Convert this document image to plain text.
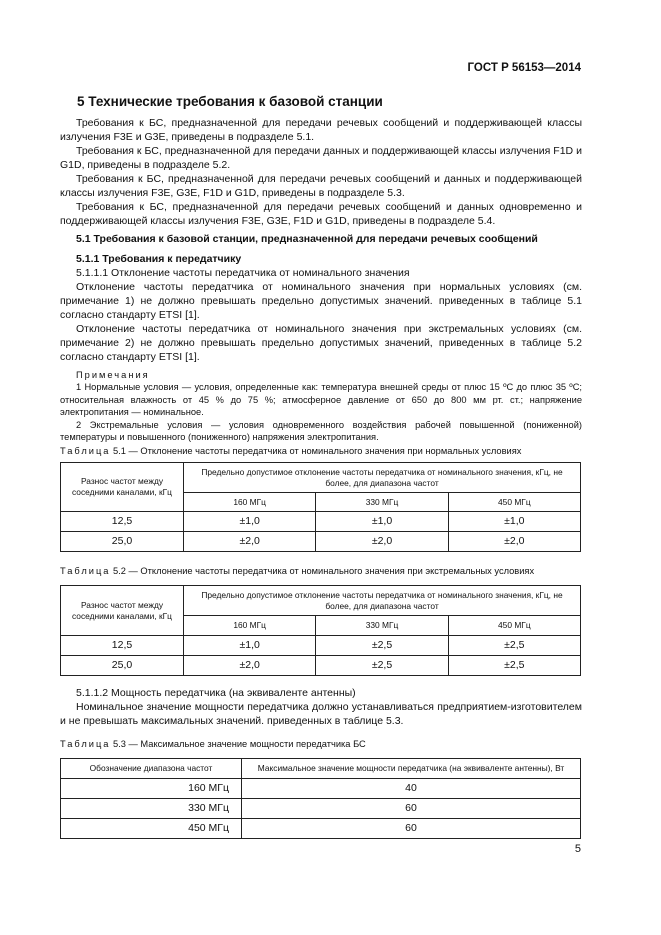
ГОСТ Р 56153—2014
5 Технические требования к базовой станции

Требования к БС, предназначенной для передачи речевых сообщений и поддерживающей классы излучения F3E и G3E, приведены в подразделе 5.1.

Требования к БС, предназначенной для передачи данных и поддерживающей классы излучения F1D и G1D, приведены в подразделе 5.2.

Требования к БС, предназначенной для передачи речевых сообщений и данных и поддерживающей классы излучения F3E, G3E, F1D и G1D, приведены в подразделе 5.3.

Требования к БС, предназначенной для передачи речевых сообщений и данных одновременно и поддерживающей классы излучения F3E, G3E, F1D и G1D, приведены в подразделе 5.4.

5.1 Требования к базовой станции, предназначенной для передачи речевых сообщений

5.1.1 Требования к передатчику

5.1.1.1 Отклонение частоты передатчика от номинального значения

Отклонение частоты передатчика от номинального значения при нормальных условиях (см. примечание 1) не должно превышать предельно допустимых значений. приведенных в таблице 5.1 согласно стандарту ETSI [1].

Отклонение частоты передатчика от номинального значения при экстремальных условиях (см. примечание 2) не должно превышать предельно допустимых значений, приведенных в таблице 5.2 согласно стандарту ETSI [1].

Примечания

1 Нормальные условия — условия, определенные как: температура внешней среды от плюс 15 ºС до плюс 35 ºС; относительная влажность от 45 % до 75 %; атмосферное давление от 650 до 800 мм рт. ст.; напряжение электропитания — номинальное.

2 Экстремальные условия — условия одновременного воздействия рабочей повышенной (пониженной) температуры и повышенного (пониженного) напряжения электропитания.

Таблица 5.1 — Отклонение частоты передатчика от номинального значения при нормальных условиях
Разнос частот между соседними каналами, кГц	Предельно допустимое отклонение частоты передатчика от номинального значения, кГц, не более, для диапазона частот		
	160 МГц	330 МГц	450 МГц
12,5	±1,0	±1,0	±1,0
25,0	±2,0	±2,0	±2,0
Таблица 5.2 — Отклонение частоты передатчика от номинального значения при экстремальных условиях
Разнос частот между соседними каналами, кГц	Предельно допустимое отклонение частоты передатчика от номинального значения, кГц, не более, для диапазона частот		
	160 МГц	330 МГц	450 МГц
12,5	±1,0	±2,5	±2,5
25,0	±2,0	±2,5	±2,5

5.1.1.2 Мощность передатчика (на эквиваленте антенны)

Номинальное значение мощности передатчика должно устанавливаться предприятием-изготовителем и не превышать максимальных значений. приведенных в таблице 5.3.

Таблица 5.3 — Максимальное значение мощности передатчика БС
Обозначение диапазона частот	Максимальное значение мощности передатчика (на эквиваленте антенны), Вт
160 МГц	40
330 МГц	60
450 МГц	60
5
